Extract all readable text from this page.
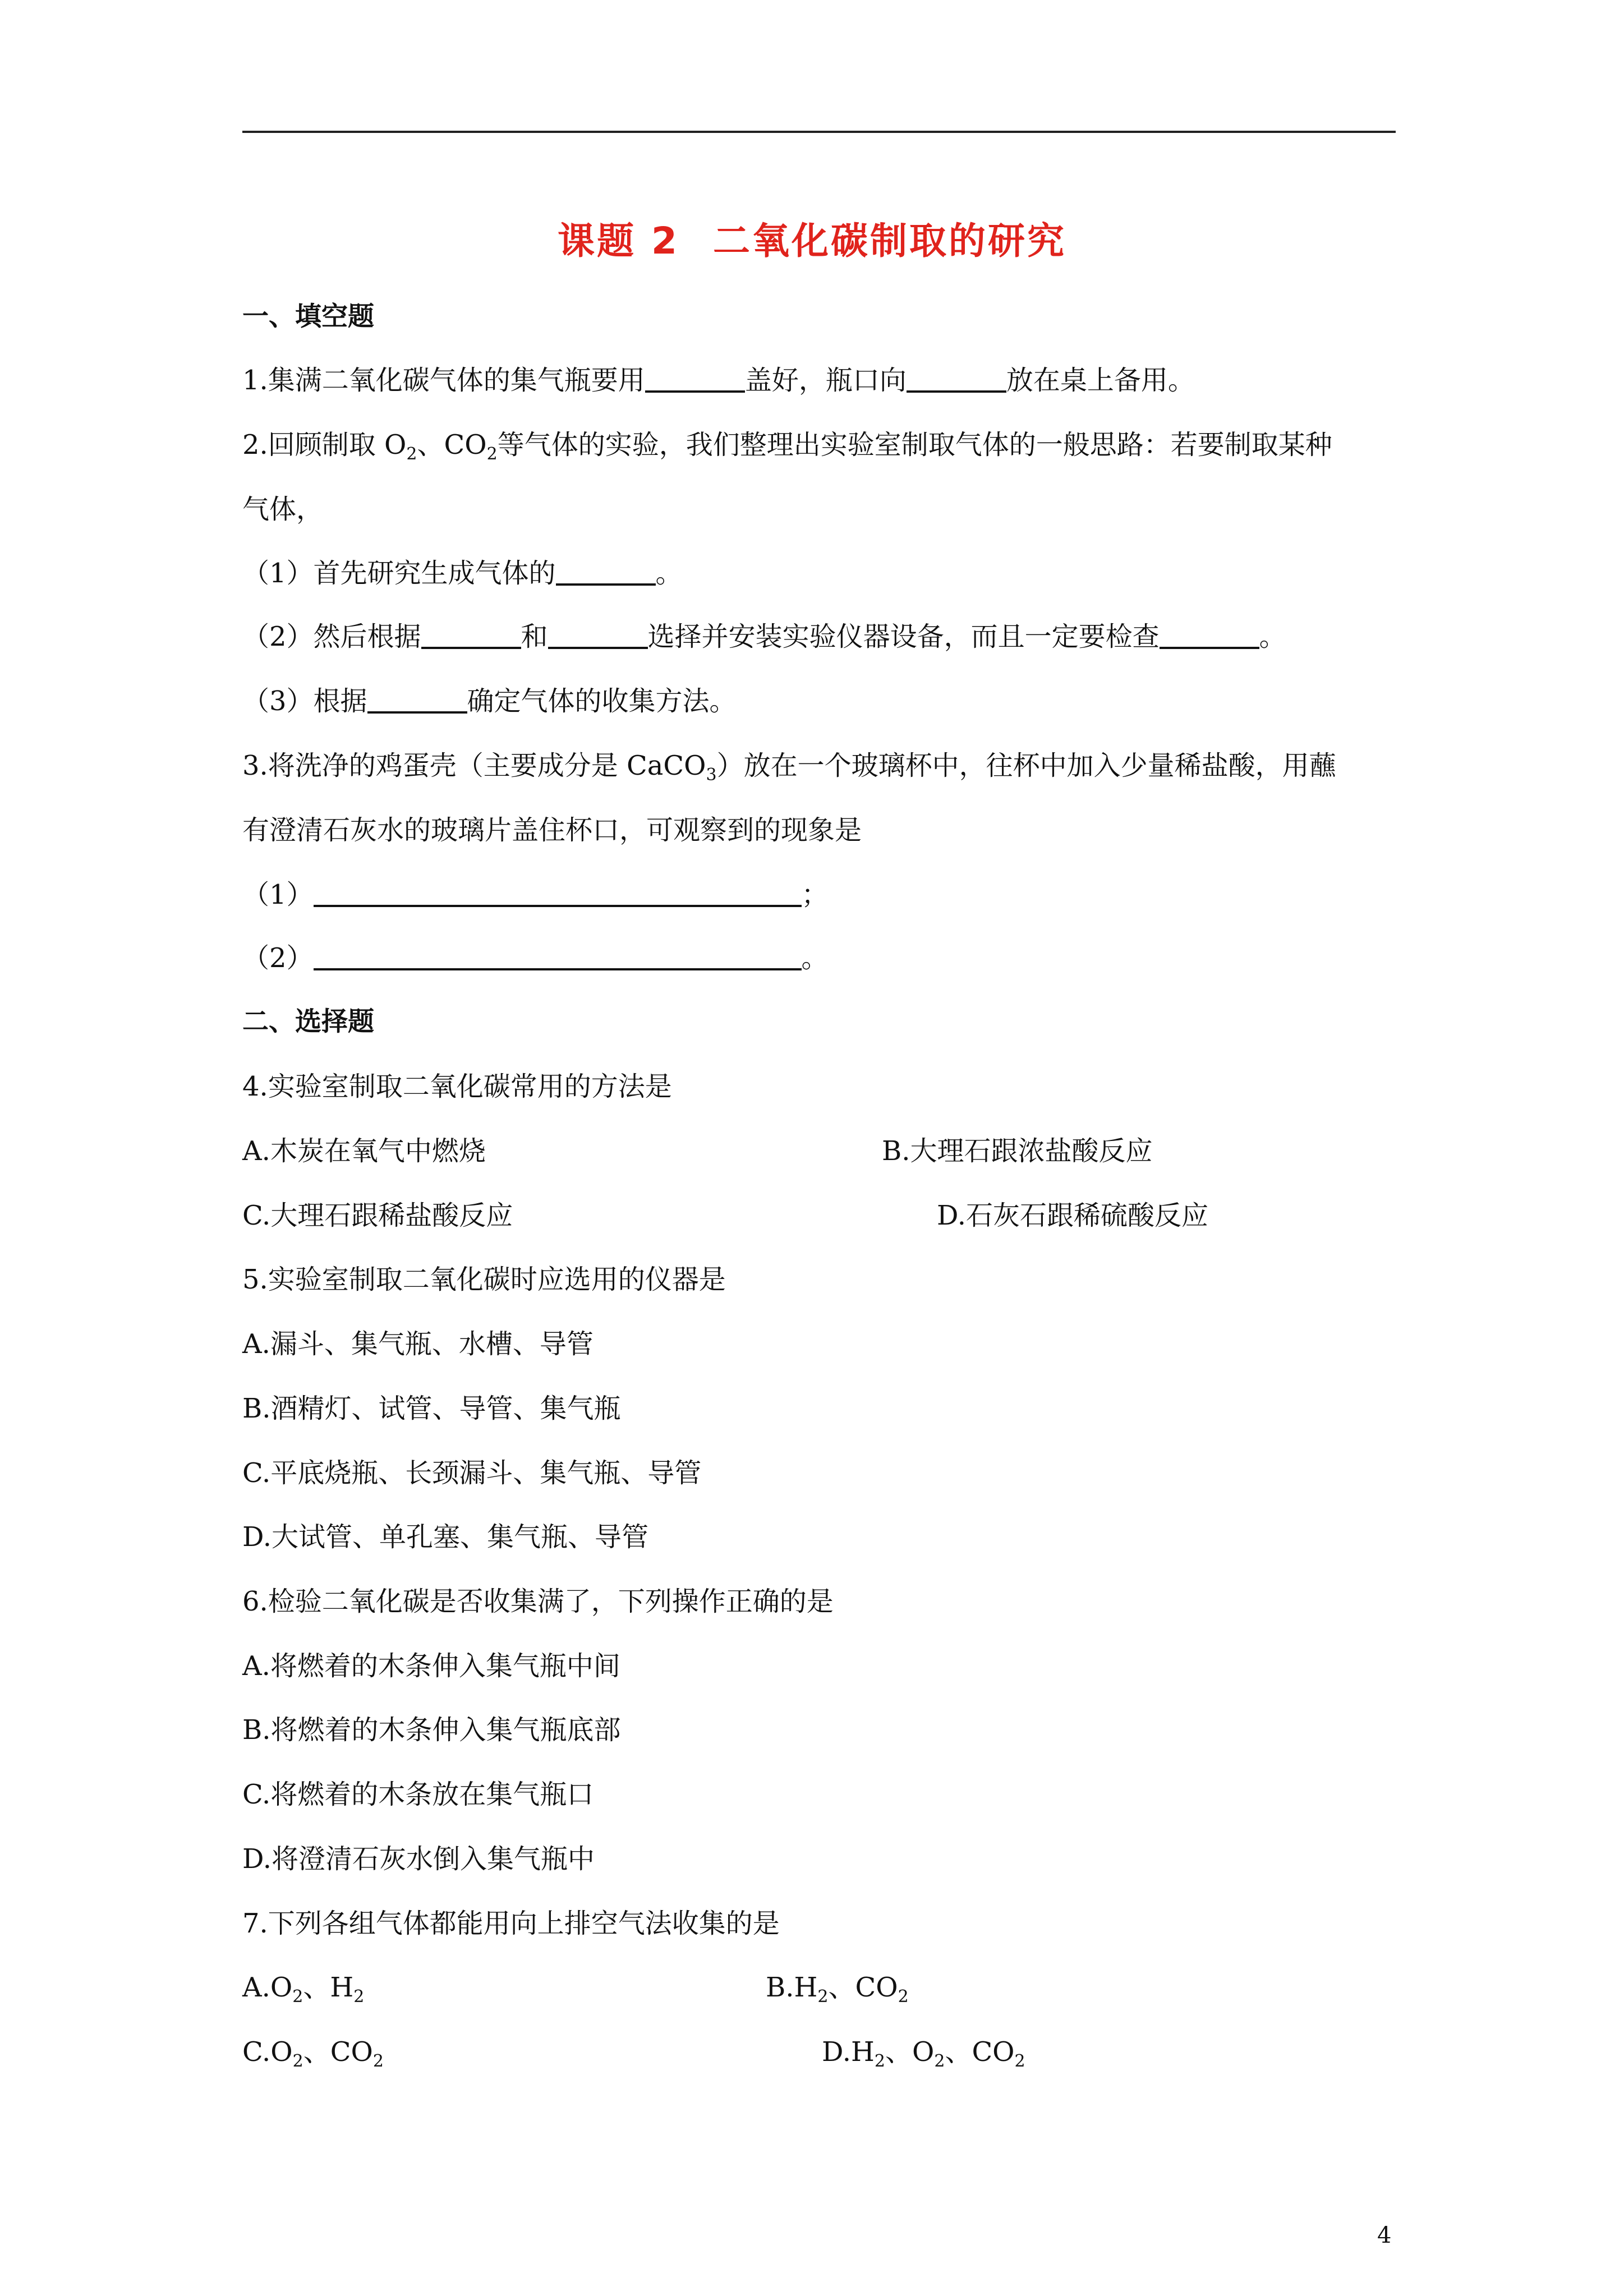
课题 2 二氧化碳制取的研究
一、填空题
1.集满二氧化碳气体的集气瓶要用	盖好，瓶口向	放在桌上备用。
2.回顾制取 $O_2$、$CO_2$等气体的实验，我们整理出实验室制取气体的一般思路：若要制取某种
气体，
（1）首先研究生成气体的	。
（2）然后根据	和	选择并安装实验仪器设备，而且一定要检查	。
（3）根据	确定气体的收集方法。
3.将洗净的鸡蛋壳（主要成分是 CaCO$_3$）放在一个玻璃杯中，往杯中加入少量稀盐酸，用蘸
有澄清石灰水的玻璃片盖住杯口，可观察到的现象是
（1）	；
（2）	。
二、选择题
4.实验室制取二氧化碳常用的方法是
A.木炭在氧气中燃烧	B.大理石跟浓盐酸反应
C.大理石跟稀盐酸反应	D.石灰石跟稀硫酸反应
5.实验室制取二氧化碳时应选用的仪器是
A.漏斗、集气瓶、水槽、导管
B.酒精灯、试管、导管、集气瓶
C.平底烧瓶、长颈漏斗、集气瓶、导管
D.大试管、单孔塞、集气瓶、导管
6.检验二氧化碳是否收集满了，下列操作正确的是
A.将燃着的木条伸入集气瓶中间
B.将燃着的木条伸入集气瓶底部
C.将燃着的木条放在集气瓶口
D.将澄清石灰水倒入集气瓶中
7.下列各组气体都能用向上排空气法收集的是
$A.O_2$、$H_2$	$B.H_2$、$CO_2$
$C.O_2$、$CO_2$	$D.H_2$、$O_2$、$CO_2$
4
